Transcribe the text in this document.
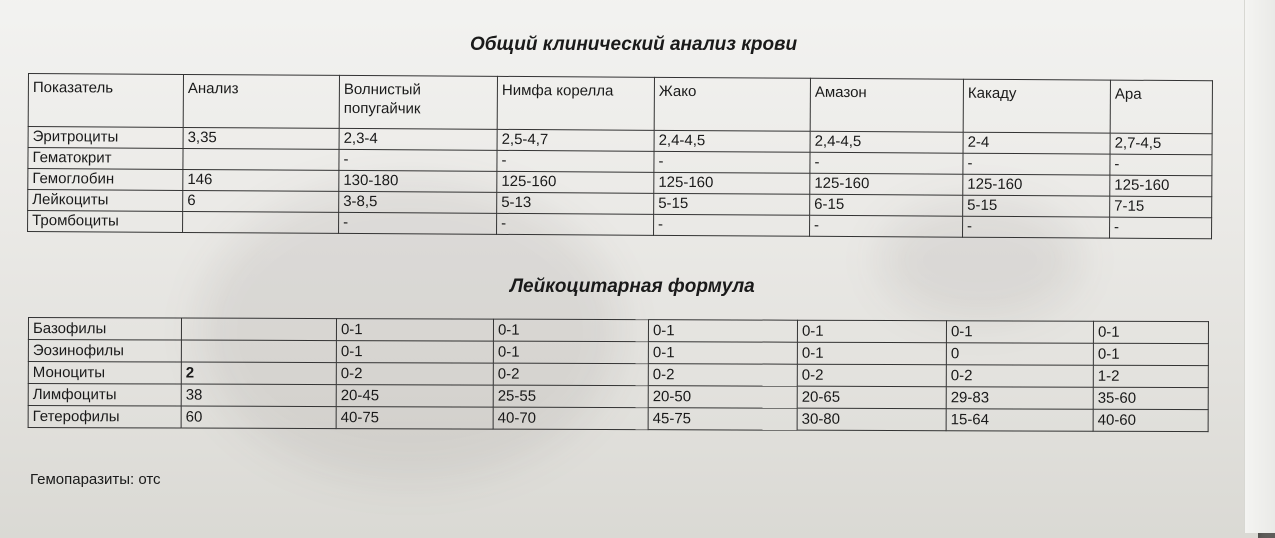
Общий клинический анализ крови
Показатель	Анализ	Волнистый попугайчик	Нимфа корелла	Жако	Амазон	Какаду	Ара
Эритроциты	3,35	2,3-4	2,5-4,7	2,4-4,5	2,4-4,5	2-4	2,7-4,5
Гематокрит		-	-	-	-	-	-
Гемоглобин	146	130-180	125-160	125-160	125-160	125-160	125-160
Лейкоциты	6	3-8,5	5-13	5-15	6-15	5-15	7-15
Тромбоциты		-	-	-	-	-	-
Лейкоцитарная формула
Базофилы		0-1	0-1	0-1	0-1	0-1	0-1
Эозинофилы		0-1	0-1	0-1	0-1	0	0-1
Моноциты	2	0-2	0-2	0-2	0-2	0-2	1-2
Лимфоциты	38	20-45	25-55	20-50	20-65	29-83	35-60
Гетерофилы	60	40-75	40-70	45-75	30-80	15-64	40-60
Гемопаразиты: отс
